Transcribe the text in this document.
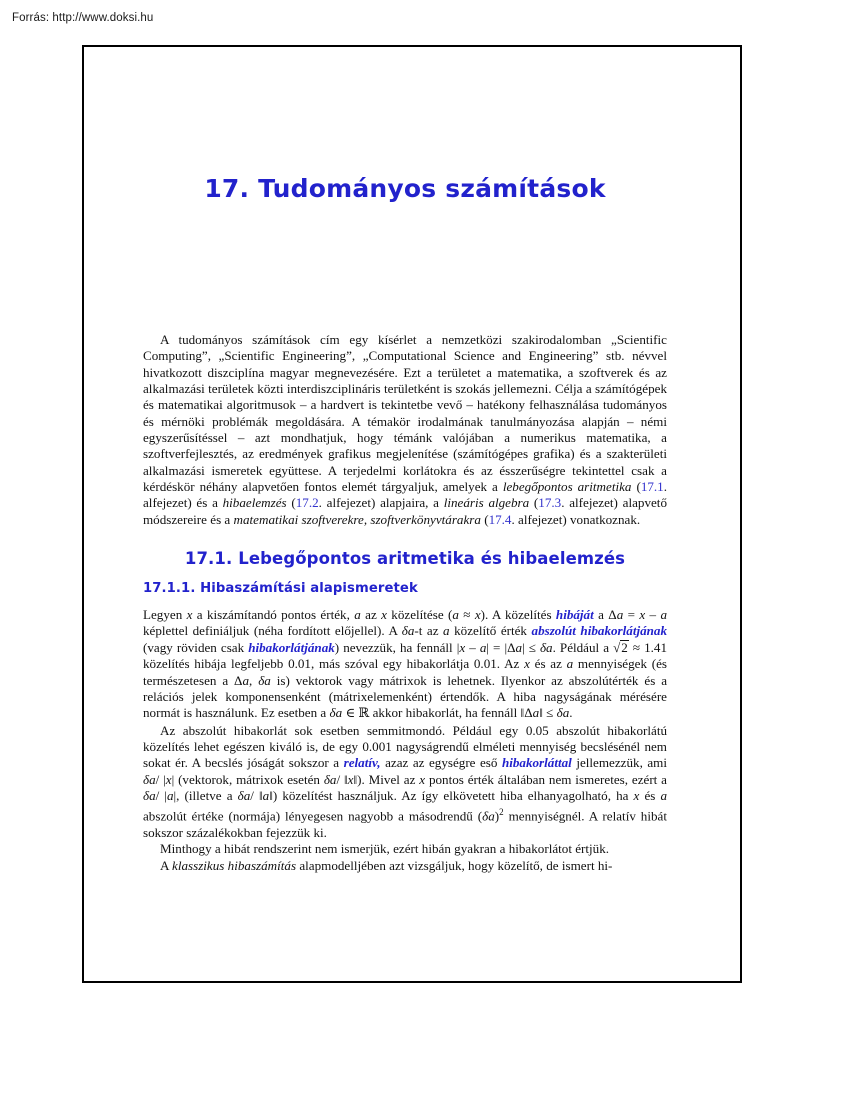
Forrás: http://www.doksi.hu
17. Tudományos számítások

A tudományos számítások cím egy kísérlet a nemzetközi szakirodalomban „Scientific Computing”, „Scientific Engineering”, „Computational Science and Engineering” stb. névvel hivatkozott diszciplína magyar megnevezésére. Ezt a területet a matematika, a szoftverek és az alkalmazási területek közti interdiszciplináris területként is szokás jellemezni. Célja a számítógépek és matematikai algoritmusok – a hardvert is tekintetbe vevő – hatékony felhasználása tudományos és mérnöki problémák megoldására. A témakör irodalmának tanulmányozása alapján – némi egyszerűsítéssel – azt mondhatjuk, hogy témánk valójában a numerikus matematika, a szoftverfejlesztés, az eredmények grafikus megjelenítése (számítógépes grafika) és a szakterületi alkalmazási ismeretek együttese. A terjedelmi korlátokra és az ésszerűségre tekintettel csak a kérdéskör néhány alapvetően fontos elemét tárgyaljuk, amelyek a lebegőpontos aritmetika (17.1. alfejezet) és a hibaelemzés (17.2. alfejezet) alapjaira, a lineáris algebra (17.3. alfejezet) alapvető módszereire és a matematikai szoftverekre, szoftverkönyvtárakra (17.4. alfejezet) vonatkoznak.

17.1. Lebegőpontos aritmetika és hibaelemzés
17.1.1. Hibaszámítási alapismeretek

Legyen x a kiszámítandó pontos érték, a az x közelítése (a ≈ x). A közelítés hibáját a Δa = x – a képlettel definiáljuk (néha fordított előjellel). A δa-t az a közelítő érték abszolút hibakorlátjának (vagy röviden csak hibakorlátjának) nevezzük, ha fennáll |x – a| = |Δa| ≤ δa. Például a √2 ≈ 1.41 közelítés hibája legfeljebb 0.01, más szóval egy hibakorlátja 0.01. Az x és az a mennyiségek (és természetesen a Δa, δa is) vektorok vagy mátrixok is lehetnek. Ilyenkor az abszolútérték és a relációs jelek komponensenként (mátrixelemenként) értendők. A hiba nagyságának mérésére normát is használunk. Ez esetben a δa ∈ ℝ akkor hibakorlát, ha fennáll ‖Δa‖ ≤ δa.

Az abszolút hibakorlát sok esetben semmitmondó. Például egy 0.05 abszolút hibakorlátú közelítés lehet egészen kiváló is, de egy 0.001 nagyságrendű elméleti mennyiség becslésénél nem sokat ér. A becslés jóságát sokszor a relatív, azaz az egységre eső hibakorláttal jellemezzük, ami δa/ |x| (vektorok, mátrixok esetén δa/ ‖x‖). Mivel az x pontos érték általában nem ismeretes, ezért a δa/ |a|, (illetve a δa/ ‖a‖) közelítést használjuk. Az így elkövetett hiba elhanyagolható, ha x és a abszolút értéke (normája) lényegesen nagyobb a másodrendű $(\delta a)^2$ mennyiségnél. A relatív hibát sokszor százalékokban fejezzük ki.

Minthogy a hibát rendszerint nem ismerjük, ezért hibán gyakran a hibakorlátot értjük.

A klasszikus hibaszámítás alapmodelljében azt vizsgáljuk, hogy közelítő, de ismert hi-
